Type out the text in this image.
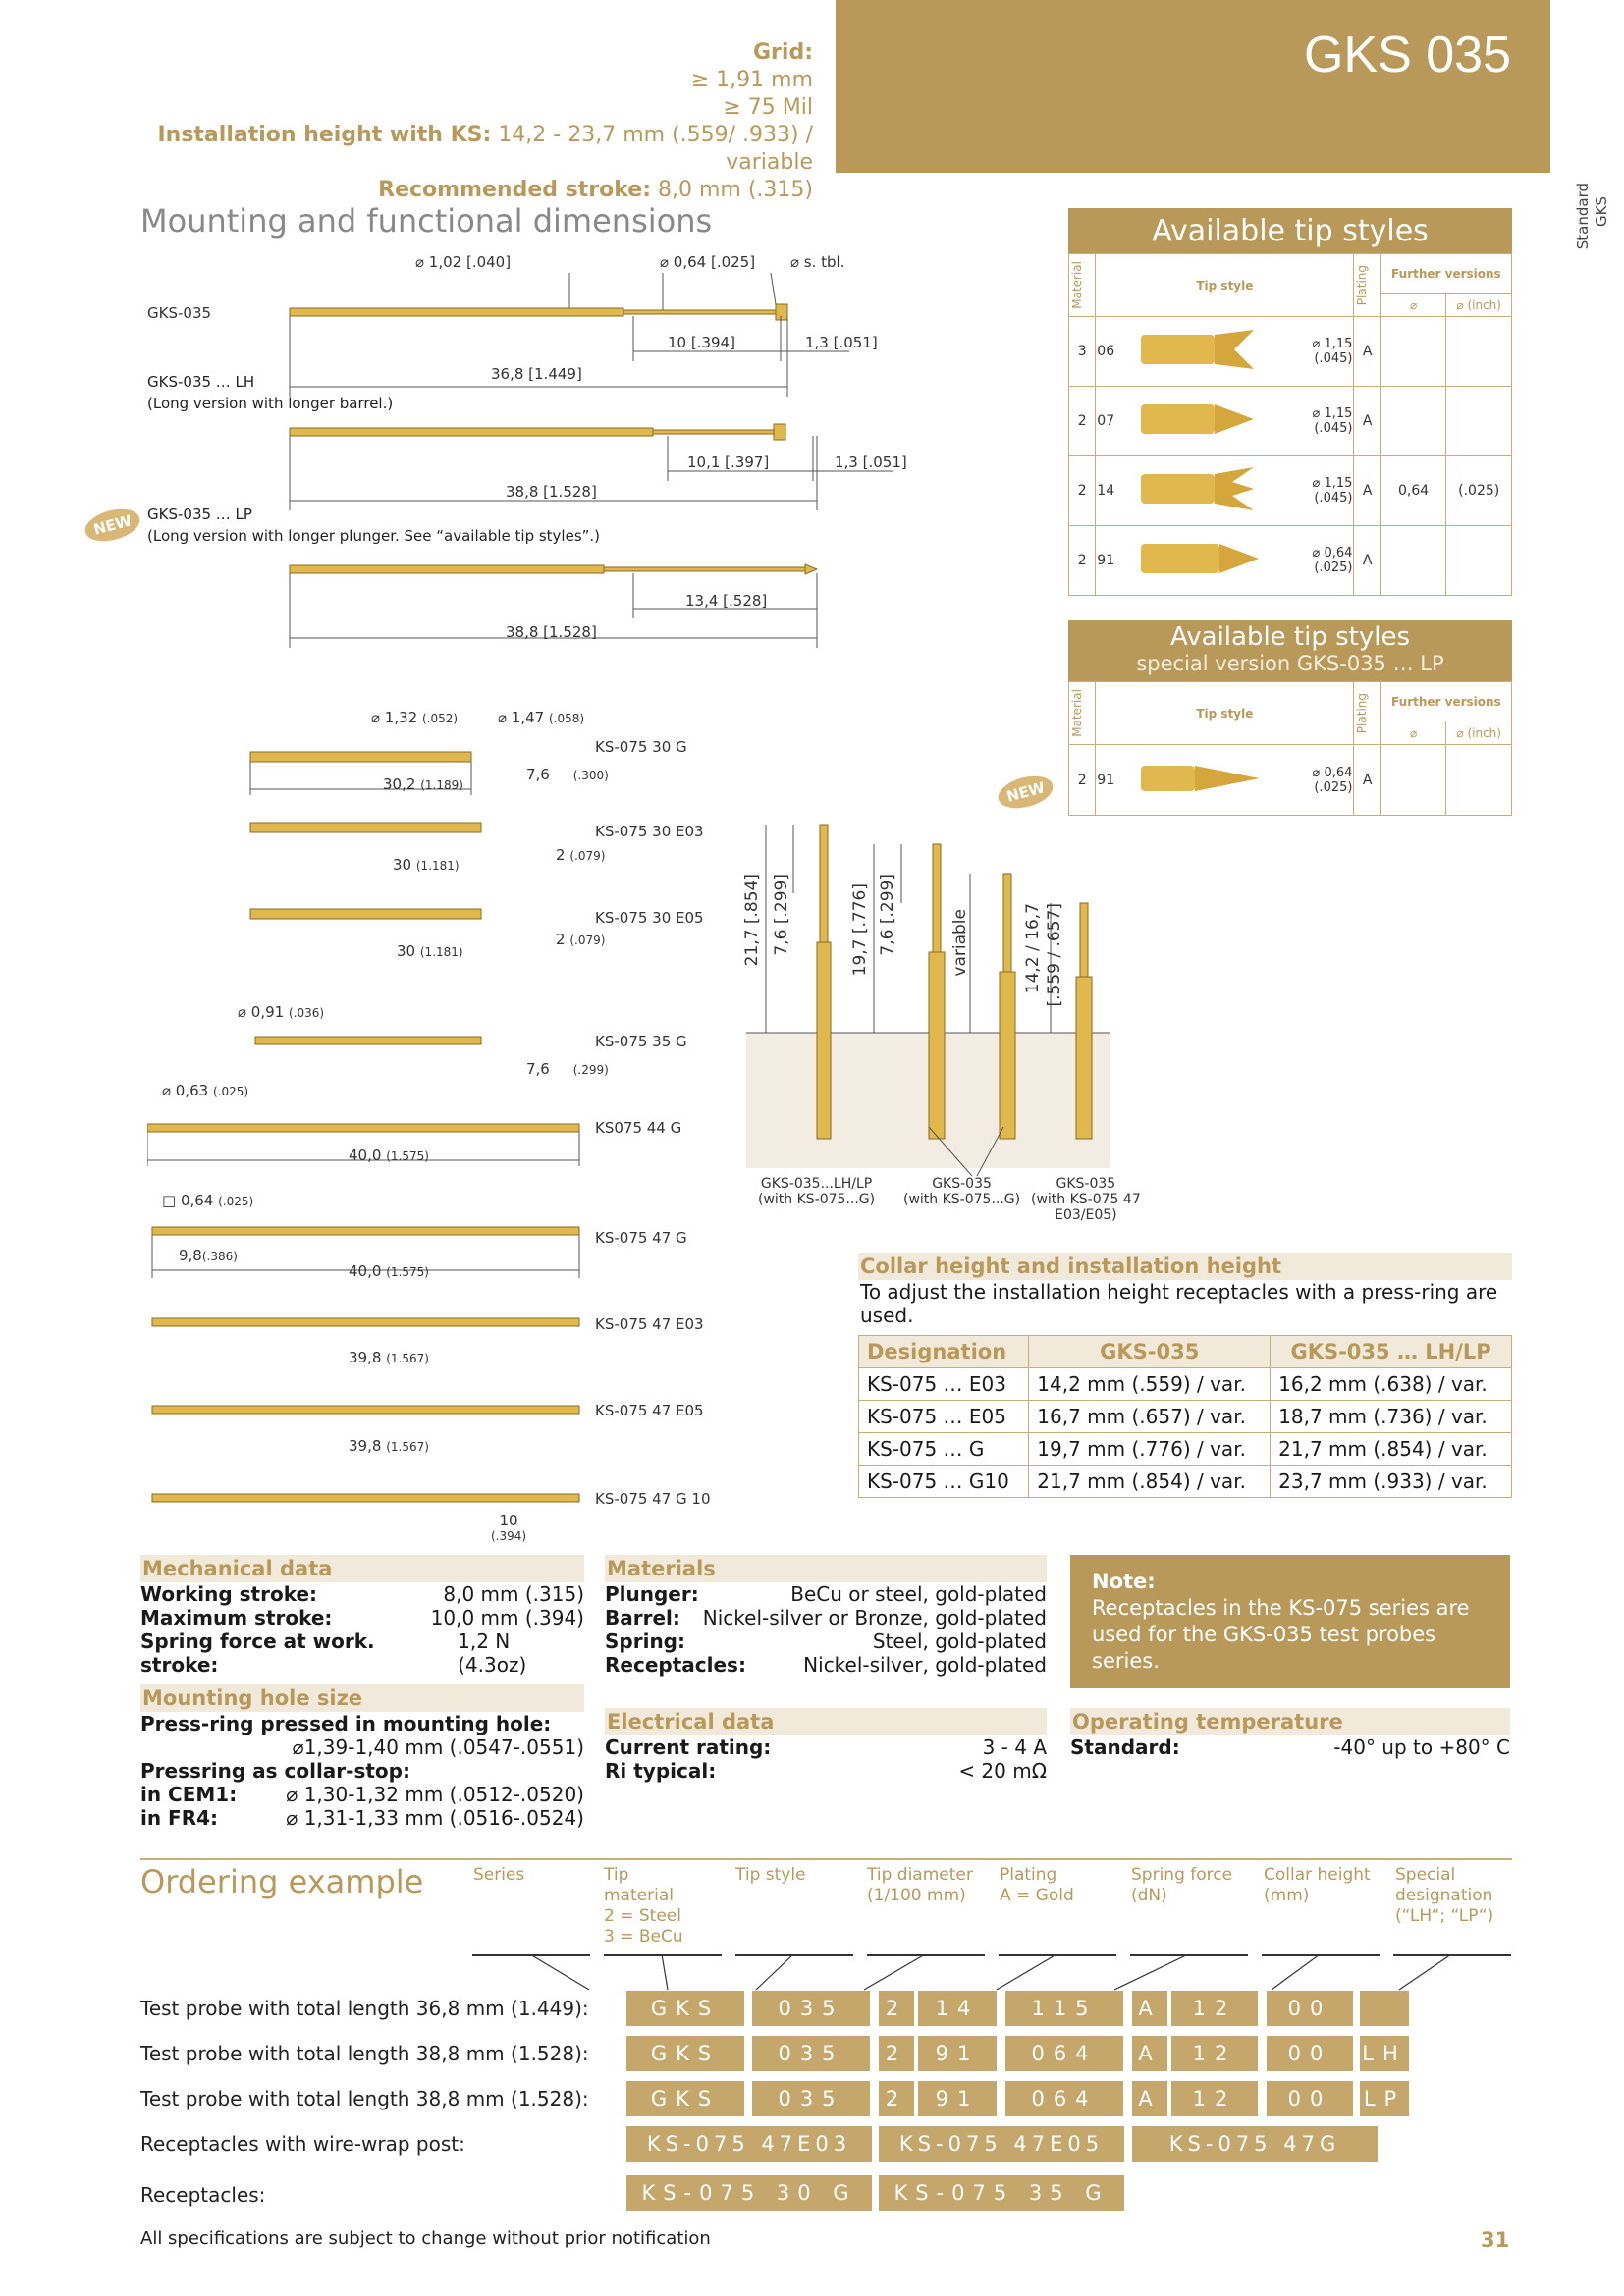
GKS 035
Grid:
≥ 1,91 mm
≥ 75 Mil
Installation height with KS: 14,2 - 23,7 mm (.559/ .933) / variable
Recommended stroke: 8,0 mm (.315)	Standard GKS
Mounting and functional dimensions
GKS-035
GKS-035 … LH
(Long version with longer barrel.)
GKS-035 … LP
(Long version with longer plunger. See “available tip styles”.)
NEW
⌀ 1,02 [.040]	⌀ 0,64 [.025] ⌀ s. tbl.
10 [.394]	1,3 [.051]
36,8 [1.449]
10,1 [.397]	1,3 [.051]
38,8 [1.528]
13,4 [.528]
38,8 [1.528]
KS-075 30 G
⌀ 1,32 (.052)	⌀ 1,47 (.058)
30,2 (1.189)
7,6 (.300)
KS-075 30 E03
30 (1.181)
2 (.079)
KS-075 30 E05
30 (1.181)
2 (.079)
KS-075 35 G
⌀ 0,91 (.036)
7,6 (.299)
KS075 44 G
⌀ 0,63 (.025)
40,0 (1.575)
KS-075 47 G
□ 0,64 (.025)
9,8(.386)
40,0 (1.575)
KS-075 47 E03
39,8 (1.567)
KS-075 47 E05
39,8 (1.567)
KS-075 47 G 10
10
(.394)
21,7 [.854] 7,6 [.299]	19,7 [.776] 7,6 [.299]	variable	14,2 / 16,7 [.559 / .657]
GKS-035...LH/LP
(with KS-075...G)
GKS-035
(with KS-075...G)
GKS-035
(with KS-075 47
E03/E05)
Available tip styles
Material	Tip style			Plating	Further versions	
					⌀	⌀ (inch)
3	06		⌀ 1,15
(.045)	A		
2	07		⌀ 1,15
(.045)	A		
2	14		⌀ 1,15
(.045)	A	0,64	(.025)
2	91		⌀ 0,64
(.025)	A		
Available tip styles
special version GKS-035 … LP
Material	Tip style			Plating	Further versions	
					⌀	⌀ (inch)
2	91		⌀ 0,64
(.025)	A		
NEW
Collar height and installation height
To adjust the installation height receptacles with a press-ring are used.
Designation	GKS-035	GKS-035 … LH/LP
KS-075 … E03	14,2 mm (.559) / var.	16,2 mm (.638) / var.
KS-075 … E05	16,7 mm (.657) / var.	18,7 mm (.736) / var.
KS-075 … G	19,7 mm (.776) / var.	21,7 mm (.854) / var.
KS-075 … G10	21,7 mm (.854) / var.	23,7 mm (.933) / var.
Mechanical data
Working stroke:	8,0 mm (.315)
Maximum stroke:	10,0 mm (.394)
Spring force at work. stroke:
1,2 N (4.3oz)
Mounting hole size
Press-ring pressed in mounting hole:
⌀1,39-1,40 mm (.0547-.0551)
Pressring as collar-stop:
in CEM1:	⌀ 1,30-1,32 mm (.0512-.0520)
in FR4:	⌀ 1,31-1,33 mm (.0516-.0524)
Materials
Plunger:	BeCu or steel, gold-plated
Barrel: Nickel-silver or Bronze, gold-plated
Spring:	Steel, gold-plated
Receptacles:	Nickel-silver, gold-plated
Electrical data
Current rating:	3 - 4 A
Ri typical:	< 20 mΩ
Note:
Receptacles in the KS-075 series are used for the GKS-035 test probes series.
Operating temperature
Standard:	-40° up to +80° C
Ordering example	Series	Tip
material
2 = Steel
3 = BeCu
Tip style	Tip diameter
(1/100 mm)
Plating
A = Gold
Spring force
(dN)
Collar height
(mm)
Special
designation
(“LH“; “LP“)
Test probe with total length 36,8 mm (1.449):	GKS	035	2	14	115	A	12	00
Test probe with total length 38,8 mm (1.528):	GKS	035	2	91	064	A	12	00	LH
Test probe with total length 38,8 mm (1.528):	GKS	035	2	91	064	A	12	00	LP
Receptacles with wire-wrap post:	KS-075 47E03	KS-075 47E05	KS-075 47G
Receptacles:	KS-075 30 G	KS-075 35 G
All specifications are subject to change without prior notification	31
